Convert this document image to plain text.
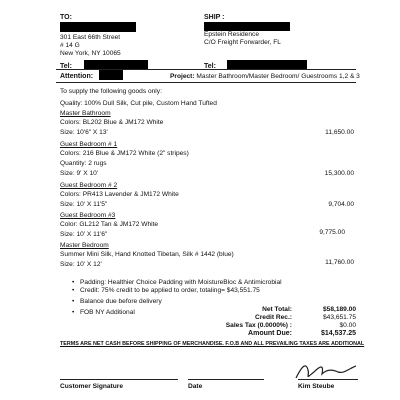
TO:
301 East 66th Street
# 14 G
New York, NY 10065
Tel:
SHIP :
Epstein Residence
C/O Freight Forwarder, FL
Tel:
Attention:	Project: Master Bathroom/Master Bedroom/ Guestrooms 1,2 & 3
To supply the following goods only:
Quality: 100% Dull Silk, Cut pile, Custom Hand Tufted
Master Bathroom
Colors: BL202 Blue & JM172 White
Size: 10'6" X 13'	11,650.00
Guest Bedroom # 1
Colors: 216 Blue & JM172 White (2" stripes)
Quantity: 2 rugs
Size: 9' X 10'	15,300.00
Guest Bedroom # 2
Colors: PR413 Lavender & JM172 White
Size: 10' X 11'5"	9,704.00
Guest Bedroom #3
Color: GL212 Tan & JM172 White
Size: 10' X 11'6"	9,775.00
Master Bedroom
Summer Mini Silk, Hand Knotted Tibetan, Silk # 1442 (blue)
Size: 10' X 12'	11,760.00
• Padding: Healthier Choice Padding with MoistureBloc & Antimicrobial
• Credit: 75% credit to be applied to order, totaling= $43,551.75
• Balance due before delivery
• FOB NY Additional	Net Total:	$58,189.00
Credit Rec.:	$43,651.75
Sales Tax (0.0000%) :	$0.00
Amount Due:	$14,537.25
TERMS ARE NET CASH BEFORE SHIPPING OF MERCHANDISE. F.O.B AND ALL PREVAILING TAXES ARE ADDITIONAL
Customer Signature	Date	Kim Steube
